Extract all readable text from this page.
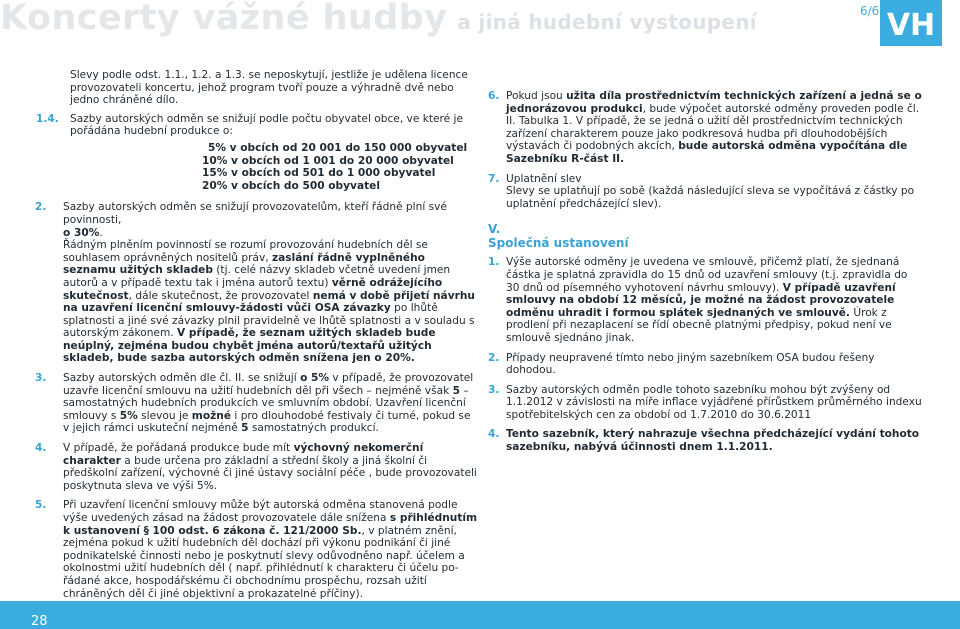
Koncerty vážné hudby a jiná hudební vystoupení	6/6 VH

Slevy podle odst. 1.1., 1.2. a 1.3. se neposkytují, jestliže je udělena licence provozovateli koncertu, jehož program tvoří pouze a výhradně dvě nebo jedno chráněné dílo.

1.4. Sazby autorských odměn se snižují podle počtu obyvatel obce, ve které je pořádána hudební produkce o:
5% v obcích od 20 001 do 150 000 obyvatel
10% v obcích od 1 001 do 20 000 obyvatel
15% v obcích od 501 do 1 000 obyvatel
20% v obcích do 500 obyvatel
2. Sazby autorských odměn se snižují provozovatelům, kteří řádně plní své povinnosti,
o 30%.

Řádným plněním povinností se rozumí provozování hudebních děl se souhlasem oprávněných nositelů práv, zaslání řádně vyplněného seznamu užitých skladeb (tj. celé názvy skladeb včetně uvedení jmen autorů a v případě textu tak i jména autorů textu) věrně odrážejícího skutečnost, dále skutečnost, že provozovatel nemá v době přijetí návrhu na uzavření licenční smlouvy-žádosti vůči OSA závazky po lhůtě splatnosti a jiné své závazky plnil pravidelně ve lhůtě splatnosti a v souladu s autorským zákonem. V případě, že seznam užitých skladeb bude neúplný, zejména budou chybět jména autorů/textařů užitých skladeb, bude sazba autorských odměn snížena jen o 20%.

3. Sazby autorských odměn dle čl. II. se snižují o 5% v případě, že provozovatel uzavře licenční smlouvu na užití hudebních děl při všech – nejméně však 5 – samostatných hudebních produkcích ve smluvním období. Uzavření licenční smlouvy s 5% slevou je možné i pro dlouhodobé festivaly či turné, pokud se v jejich rámci uskuteční nejméně 5 samostatných produkcí.

4. V případě, že pořádaná produkce bude mít výchovný nekomerční charakter a bude určena pro základní a střední školy a jiná školní či předškolní zařízení, výchovné či jiné ústavy sociální péče , bude provozovateli poskytnuta sleva ve výši 5%.

5. Při uzavření licenční smlouvy může být autorská odměna stanovená podle výše uvedených zásad na žádost provozovatele dále snížena s přihlédnutím k ustanovení § 100 odst. 6 zákona č. 121/2000 Sb., v platném znění, zejména pokud k užití hudebních děl dochází při výkonu podnikání či jiné podnikatelské činnosti nebo je poskytnutí slevy odůvodněno např. účelem a okolnostmi užití hudebních děl ( např. přihlédnutí k charakteru či účelu pořádané akce, hospodářskému či obchodnímu prospěchu, rozsah užití chráněných děl či jiné objektivní a prokazatelné příčiny).

6. Pokud jsou užita díla prostřednictvím technických zařízení a jedná se o jednorázovou produkci, bude výpočet autorské odměny proveden podle čl. II. Tabulka 1. V případě, že se jedná o užití děl prostřednictvím technických zařízení charakterem pouze jako podkresová hudba při dlouhodobějších výstavách či podobných akcích, bude autorská odměna vypočítána dle Sazebníku R-část II.

7. Uplatnění slev

Slevy se uplatňují po sobě (každá následující sleva se vypočítává z částky po uplatnění předcházející slev).

V.
Společná ustanovení
1. Výše autorské odměny je uvedena ve smlouvě, přičemž platí, že sjednaná částka je splatná zpravidla do 15 dnů od uzavření smlouvy (t.j. zpravidla do 30 dnů od písemného vyhotovení návrhu smlouvy). V případě uzavření smlouvy na období 12 měsíců, je možné na žádost provozovatele odměnu uhradit i formou splátek sjednaných ve smlouvě. Úrok z prodlení při nezaplacení se řídí obecně platnými předpisy, pokud není ve smlouvě sjednáno jinak.

2. Případy neupravené tímto nebo jiným sazebníkem OSA budou řešeny dohodou.

3. Sazby autorských odměn podle tohoto sazebníku mohou být zvýšeny od 1.1.2012 v závislosti na míře inflace vyjádřené přírůstkem průměrného indexu spotřebitelských cen za období od 1.7.2010 do 30.6.2011

4. Tento sazebník, který nahrazuje všechna předcházející vydání tohoto sazebníku, nabývá účinnosti dnem 1.1.2011.

28
